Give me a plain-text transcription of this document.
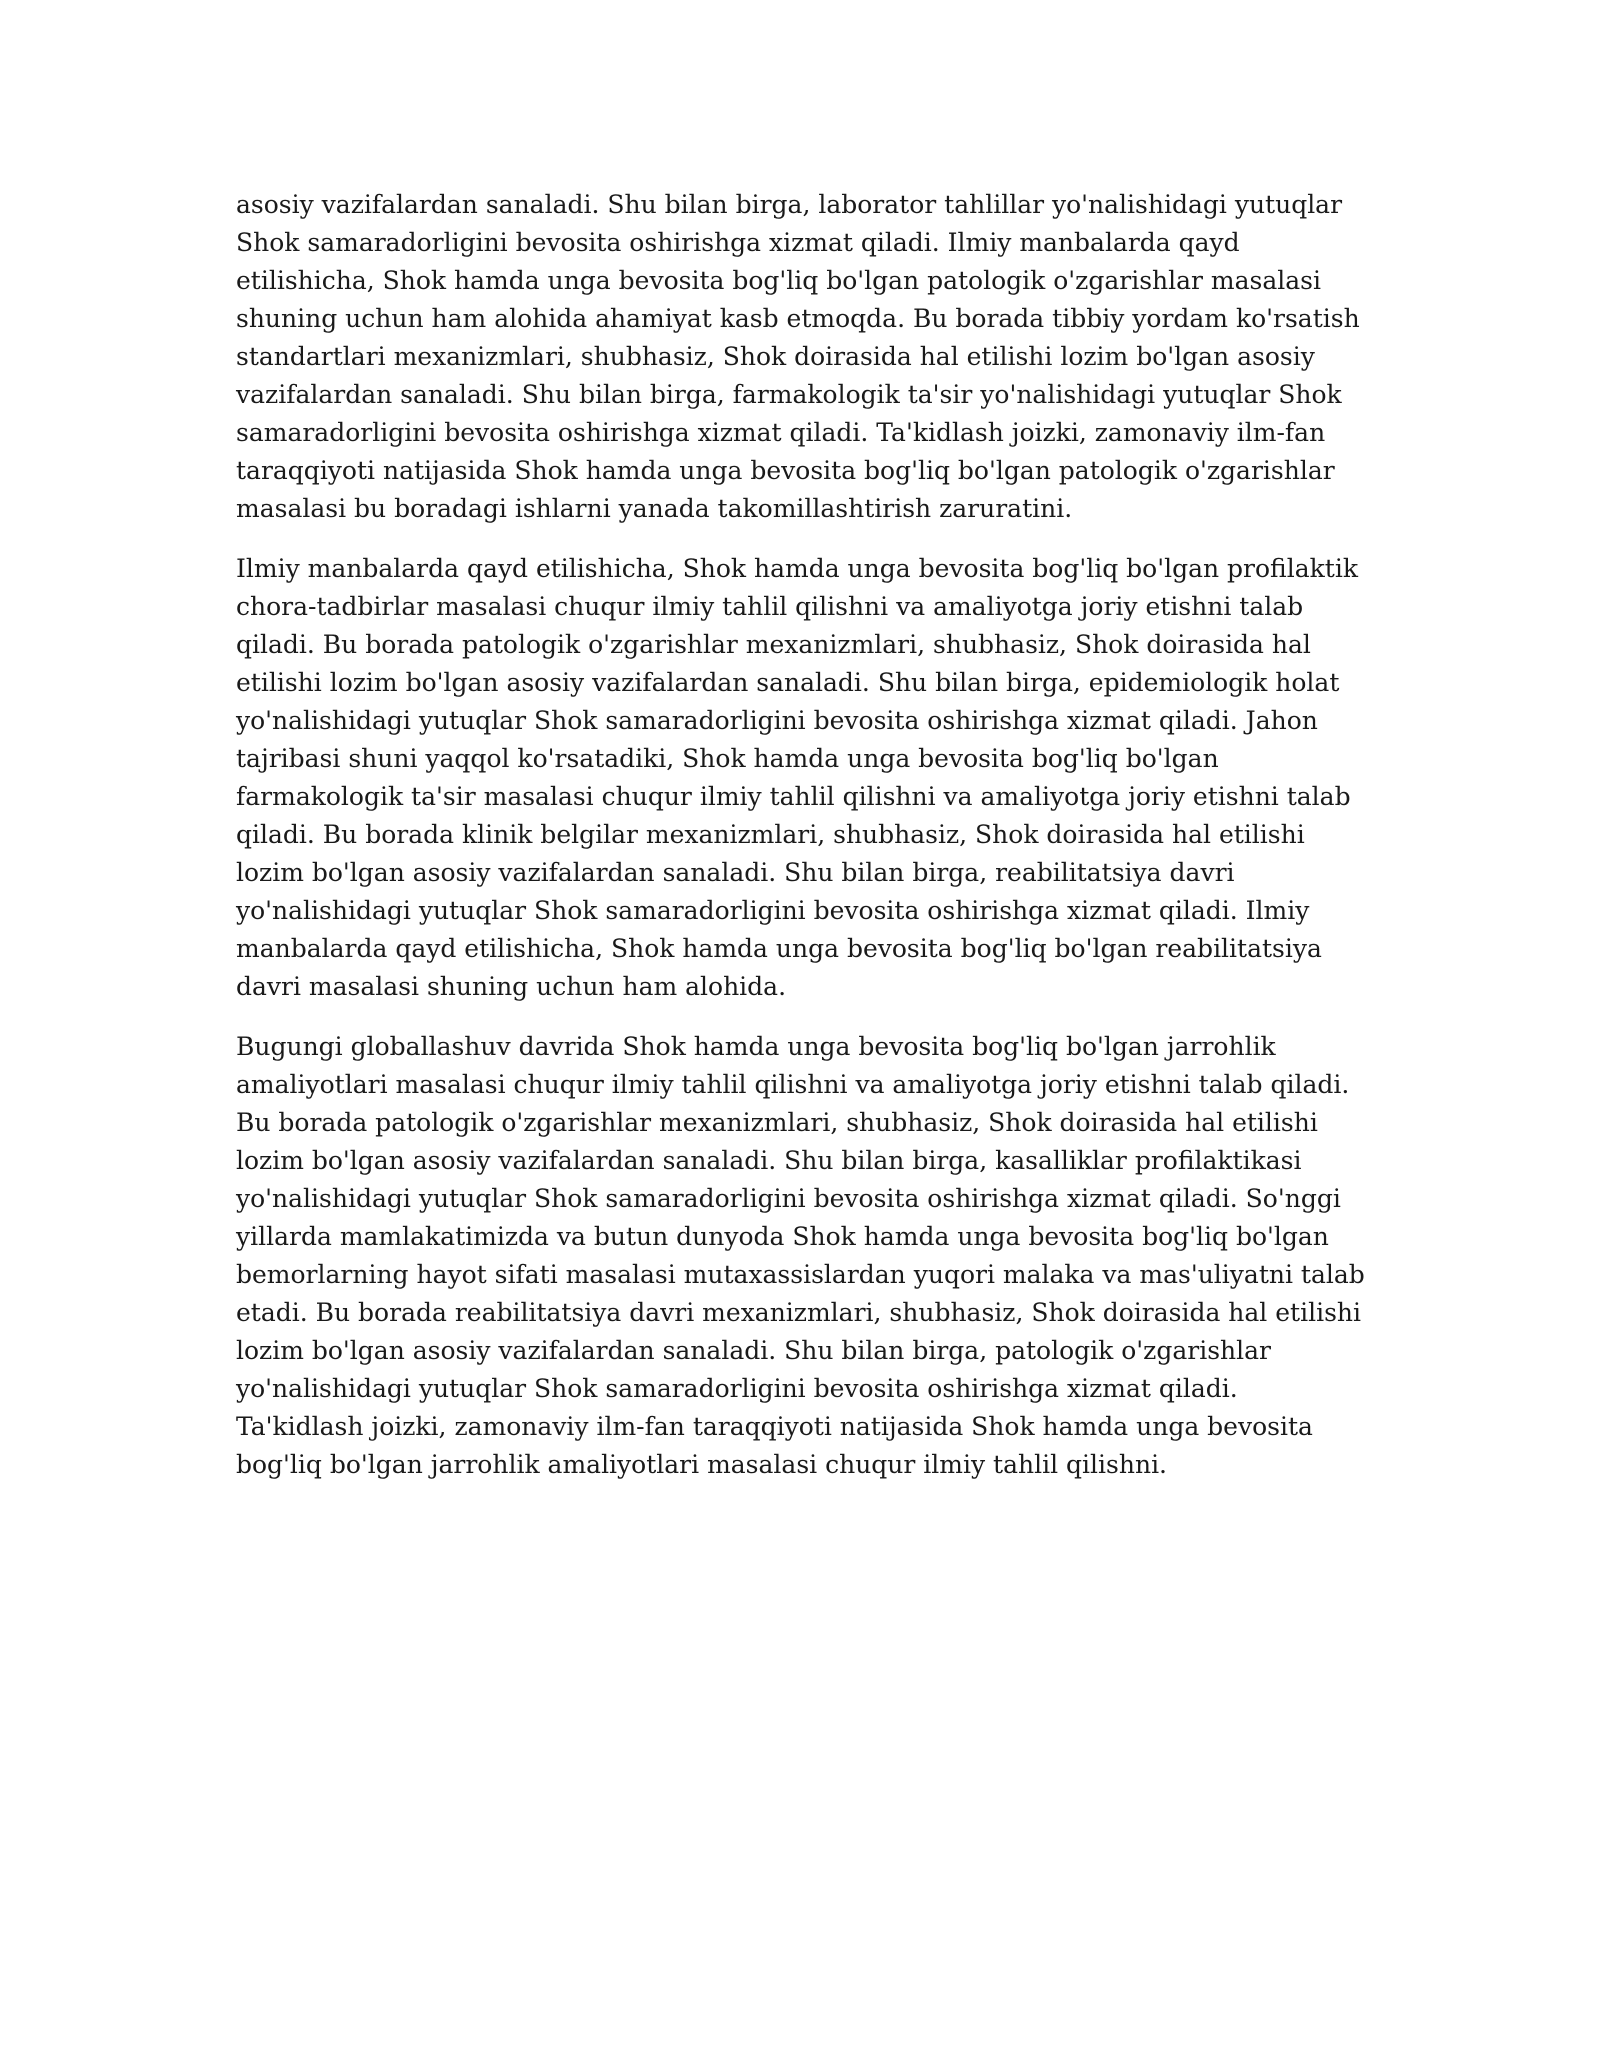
asosiy vazifalardan sanaladi. Shu bilan birga, laborator tahlillar yo'nalishidagi yutuqlar Shok samaradorligini bevosita oshirishga xizmat qiladi. Ilmiy manbalarda qayd etilishicha, Shok hamda unga bevosita bog'liq bo'lgan patologik o'zgarishlar masalasi shuning uchun ham alohida ahamiyat kasb etmoqda. Bu borada tibbiy yordam ko'rsatish standartlari mexanizmlari, shubhasiz, Shok doirasida hal etilishi lozim bo'lgan asosiy vazifalardan sanaladi. Shu bilan birga, farmakologik ta'sir yo'nalishidagi yutuqlar Shok samaradorligini bevosita oshirishga xizmat qiladi. Ta'kidlash joizki, zamonaviy ilm-fan taraqqiyoti natijasida Shok hamda unga bevosita bog'liq bo'lgan patologik o'zgarishlar masalasi bu boradagi ishlarni yanada takomillashtirish zaruratini.

Ilmiy manbalarda qayd etilishicha, Shok hamda unga bevosita bog'liq bo'lgan profilaktik chora-tadbirlar masalasi chuqur ilmiy tahlil qilishni va amaliyotga joriy etishni talab qiladi. Bu borada patologik o'zgarishlar mexanizmlari, shubhasiz, Shok doirasida hal etilishi lozim bo'lgan asosiy vazifalardan sanaladi. Shu bilan birga, epidemiologik holat yo'nalishidagi yutuqlar Shok samaradorligini bevosita oshirishga xizmat qiladi. Jahon tajribasi shuni yaqqol ko'rsatadiki, Shok hamda unga bevosita bog'liq bo'lgan farmakologik ta'sir masalasi chuqur ilmiy tahlil qilishni va amaliyotga joriy etishni talab qiladi. Bu borada klinik belgilar mexanizmlari, shubhasiz, Shok doirasida hal etilishi lozim bo'lgan asosiy vazifalardan sanaladi. Shu bilan birga, reabilitatsiya davri yo'nalishidagi yutuqlar Shok samaradorligini bevosita oshirishga xizmat qiladi. Ilmiy manbalarda qayd etilishicha, Shok hamda unga bevosita bog'liq bo'lgan reabilitatsiya davri masalasi shuning uchun ham alohida.

Bugungi globallashuv davrida Shok hamda unga bevosita bog'liq bo'lgan jarrohlik amaliyotlari masalasi chuqur ilmiy tahlil qilishni va amaliyotga joriy etishni talab qiladi. Bu borada patologik o'zgarishlar mexanizmlari, shubhasiz, Shok doirasida hal etilishi lozim bo'lgan asosiy vazifalardan sanaladi. Shu bilan birga, kasalliklar profilaktikasi yo'nalishidagi yutuqlar Shok samaradorligini bevosita oshirishga xizmat qiladi. So'nggi yillarda mamlakatimizda va butun dunyoda Shok hamda unga bevosita bog'liq bo'lgan bemorlarning hayot sifati masalasi mutaxassislardan yuqori malaka va mas'uliyatni talab etadi. Bu borada reabilitatsiya davri mexanizmlari, shubhasiz, Shok doirasida hal etilishi lozim bo'lgan asosiy vazifalardan sanaladi. Shu bilan birga, patologik o'zgarishlar yo'nalishidagi yutuqlar Shok samaradorligini bevosita oshirishga xizmat qiladi. Ta'kidlash joizki, zamonaviy ilm-fan taraqqiyoti natijasida Shok hamda unga bevosita bog'liq bo'lgan jarrohlik amaliyotlari masalasi chuqur ilmiy tahlil qilishni.
